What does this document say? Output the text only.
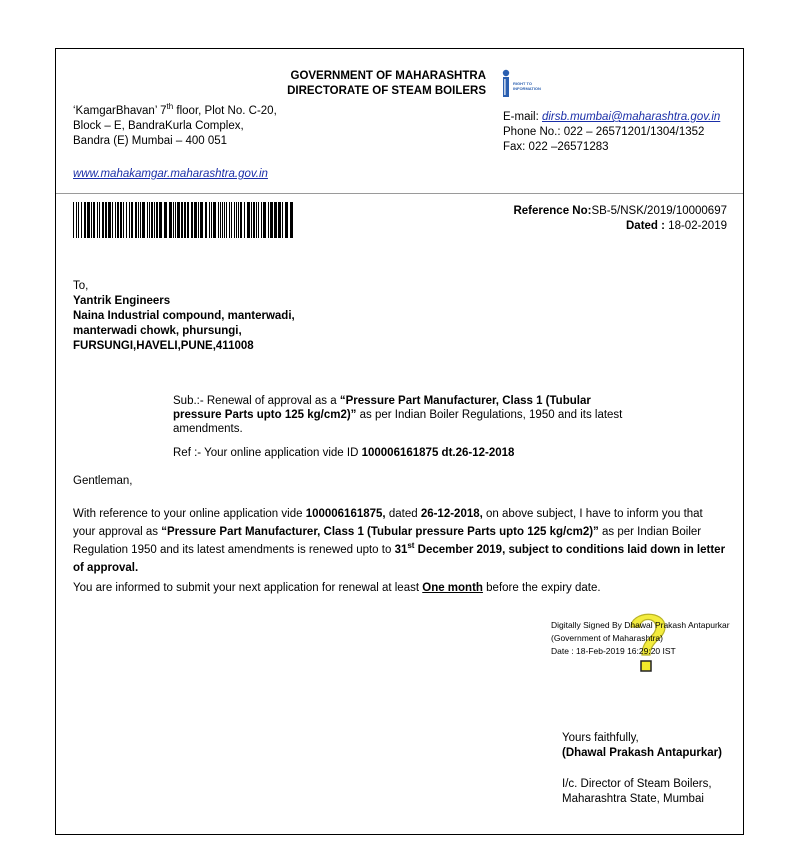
GOVERNMENT OF MAHARASHTRA
DIRECTORATE OF STEAM BOILERS
RIGHT TO
INFORMATION
‘KamgarBhavan’ 7th floor, Plot No. C-20,
Block – E, BandraKurla Complex,
Bandra (E) Mumbai – 400 051
E-mail: dirsb.mumbai@maharashtra.gov.in
Phone No.: 022 – 26571201/1304/1352
Fax: 022 –26571283
www.mahakamgar.maharashtra.gov.in
Reference No:SB-5/NSK/2019/10000697
Dated : 18-02-2019
To,
Yantrik Engineers
Naina Industrial compound, manterwadi,
manterwadi chowk, phursungi,
FURSUNGI,HAVELI,PUNE,411008
Sub.:- Renewal of approval as a “Pressure Part Manufacturer, Class 1 (Tubular
pressure Parts upto 125 kg/cm2)” as per Indian Boiler Regulations, 1950 and its latest
amendments.
Ref :- Your online application vide ID 100006161875 dt.26-12-2018
Gentleman,
With reference to your online application vide 100006161875, dated 26-12-2018, on above subject, I have to inform you that
your approval as “Pressure Part Manufacturer, Class 1 (Tubular pressure Parts upto 125 kg/cm2)” as per Indian Boiler
Regulation 1950 and its latest amendments is renewed upto to 31st December 2019, subject to conditions laid down in letter
of approval.
You are informed to submit your next application for renewal at least One month before the expiry date.
Digitally Signed By Dhawal Prakash Antapurkar
(Government of Maharashtra)
Date : 18-Feb-2019 16:29:20 IST
Yours faithfully,
(Dhawal Prakash Antapurkar)
I/c. Director of Steam Boilers,
Maharashtra State, Mumbai
